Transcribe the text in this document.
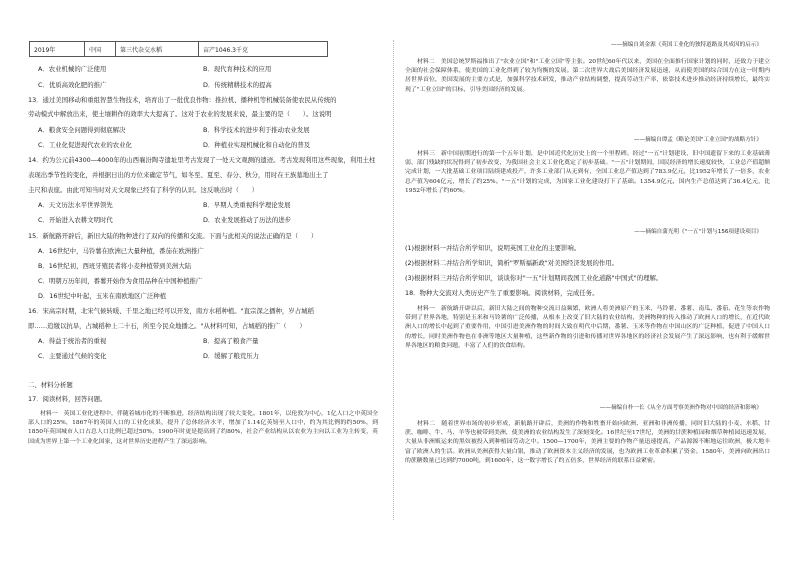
2019年	中国	第三代杂交水稻	亩产1046.3千克
A．农业机械的广泛使用	B．现代育种技术的应用
C．优质高效化肥的推广	D．传统精耕技术的提高
13．通过美国移动和重组智慧生物技术，培育出了一批优良作物：推拉机、播种机等机械装备使农民从传统的
劳动模式中解放出来，使土壤耕作的效率大大提高了。这对于农业的发展来说，最主要的是（　　）。这说明
A．粮食安全问题得到彻底解决	B．科学技术的进步利于推动农业发展
C．工业化促进现代农业的农业化	D．种植业实现机械化和自动化的普及
14．约为公元前4300—4000年的山西襄汾陶寺遗址里考古发现了一处天文观测的遗迹。考古发现利用这些现象，利用土柱
表现出季节性的变化，并根据日出的方位来确定节气，如冬至、夏至、春分、秋分，用时在王族墓地出土了
圭尺和表座。由此可知当时对天文现象已经有了科学的认识。这反映出时（　　）
A．天文历法水平世界领先	B．早期人类重视科学理论发展
C．开始进入农耕文明时代	D．农业发展推动了历法的进步
15．新航路开辟后，新旧大陆的物种进行了双向的传播和交流。下面与此相关的说法正确的是（　　）
A．16世纪中，马铃薯在欧洲已大量种植，番茄在欧洲推广
B．16世纪初，西班牙殖民者将小麦种植带到美洲大陆
C．明朝万历年间，番薯开始作为食用品种在中国种植推广
D．16世纪中叶起，玉米在南欧地区广泛种植
16．宋高宗时期，北宋气候转暖、千里之地已经可以开发，南方水稻种植。"直宗深之播种，岁占城稻
即……追缴以抗旱，占城稻种上二十石，所至今民众地播之。"从材料可知，占城稻的推广（　　）
A．得益于统治者的重视	B．提高了粮食产量
C．主要通过气候的变化	D．缓解了粮荒压力
二、材料分析题
17．阅读材料，回答问题。
材料一　英国工业化进程中，伴随着城市化的不断推进，经济结构出现了较大变化。1801年，以伦敦为中心，1亿人口之中英国全部人口的25%，1867年的英国人口的工业化成果，提升了总体经济水平，增加了1.14亿英镑至人口中，约为其比例的约50%，到1850年英国城市人口占总人口比例已超过50%，1900年时更是提高到了约80%，社会产业结构从以农业为主向以工业为主转变，英国成为世界上第一个工业化国家，这对世界历史进程产生了深远影响。
——摘编自刘金源《英国工业化的独特道路及其成因的启示》
材料二　美国总统罗斯福推出了"农业立国"和"工业立国"等主张。20世纪60年代以来，美国在全面推行国家计划的同时，还致力于建立全面的社会保障体系，使美国的工业化得到了较为均衡的发展。第二次世界大战后美国经济发展迅速，从而使美国的综合国力在这一时期内居世界首位，美国发展的主要方式是，加强科学技术研发，推动产业结构调整，提高劳动生产率，依靠技术进步推动经济持续增长，最终实现了"工业立国"的目标，引导美国经济的发展。
——摘编自谭孟《略论美国"工业立国"的战略方针》
材料三　新中国初期进行的第一个五年计划，是中国近代化历史上的一个里程碑。经过"一五"计划建设，旧中国遗留下来的工业基础薄弱、部门残缺的状况得到了初步改变，为我国社会主义工业化奠定了初步基础。"一五"计划期间，国民经济的增长速度较快，工业总产值超额完成计划，一大批基础工业项目陆续建成投产，许多工业部门从无到有，全国工业总产值达到了783.9亿元，比1952年增长了一倍多，农业总产值为604亿元，增长了约25%。"一五"计划的完成，为国家工业化建设打下了基础。1354.9亿元，国内生产总值达到了36.4亿元，比1952年增长了约60%。
——摘编自蒲光明《"一五"计划与156项建设项目》
(1)根据材料一并结合所学知识，说明英国工业化的主要影响。
(2)根据材料二并结合所学知识，简析"罗斯福新政"对美国经济发展的作用。
(3)根据材料三并结合所学知识，谈谈你对"一五"计划期间我国工业化道路"中国式"的理解。
18．物种大交流对人类历史产生了重要影响。阅读材料，完成任务。
材料一　新航路开辟以后，新旧大陆之间的物种交流日益频繁，欧洲人将美洲原产的玉米、马铃薯、番薯、南瓜、番茄、花生等农作物带到了世界各地，特别是玉米和马铃薯的广泛传播，从根本上改变了旧大陆的农业结构，美洲物种的传入推动了欧洲人口的增长，在近代欧洲人口的增长中起到了重要作用，中国引进美洲作物的时间大致在明代中后期，番薯、玉米等作物在中国山区的广泛种植，促进了中国人口的增长，同时美洲作物也在非洲等地区大量种植，这些新作物的引进和传播对世界各地区的经济社会发展产生了深远影响，也有利于缓解世界各地区的粮食问题，丰富了人们的饮食结构。
——摘编自朴一长《从全方面考察美洲作物对中国的经济和影响》
材料二　随着世界市场的初步形成，新航路开辟后，美洲的作物和牲畜开始向欧洲、亚洲和非洲传播，同时旧大陆的小麦、水稻、甘蔗、咖啡、牛、马、羊等也被带到美洲，使美洲的农业结构发生了深刻变化。16世纪至17世纪，美洲的甘蔗种植园和烟草种植园迅速发展，大量从非洲贩运来的黑奴被投入到种植园劳动之中。1500—1700年，美洲主要的作物产量迅速提高，产品源源不断地运往欧洲，极大地丰富了欧洲人的生活。欧洲从美洲获得大量白银，推动了欧洲资本主义经济的发展，也为欧洲工业革命积累了资金。1580年，美洲向欧洲出口的蔗糖数量已达到约7000吨，到1600年，这一数字增长了约五倍多，世界经济的联系日益紧密。
